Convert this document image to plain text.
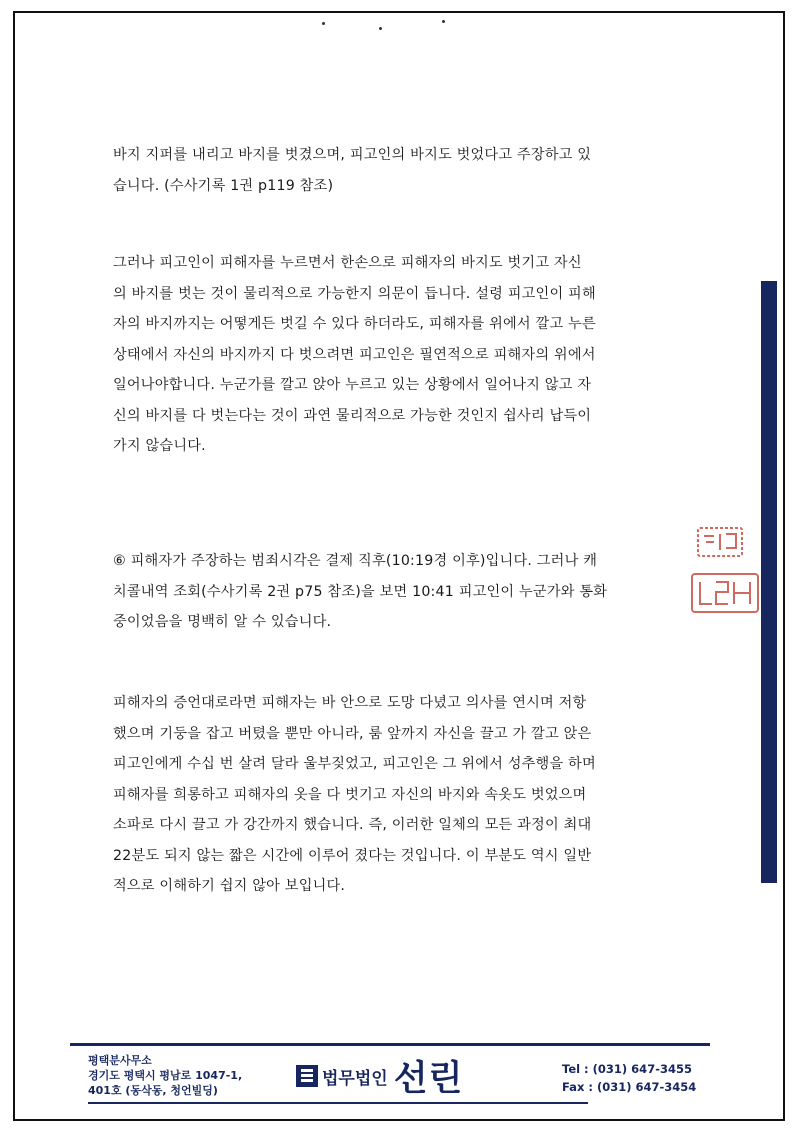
바지 지퍼를 내리고 바지를 벗겼으며, 피고인의 바지도 벗었다고 주장하고 있
습니다. (수사기록 1권 p119 참조)
그러나 피고인이 피해자를 누르면서 한손으로 피해자의 바지도 벗기고 자신
의 바지를 벗는 것이 물리적으로 가능한지 의문이 듭니다. 설령 피고인이 피해
자의 바지까지는 어떻게든 벗길 수 있다 하더라도, 피해자를 위에서 깔고 누른
상태에서 자신의 바지까지 다 벗으려면 피고인은 필연적으로 피해자의 위에서
일어나야합니다. 누군가를 깔고 앉아 누르고 있는 상황에서 일어나지 않고 자
신의 바지를 다 벗는다는 것이 과연 물리적으로 가능한 것인지 쉽사리 납득이
가지 않습니다.
⑥ 피해자가 주장하는 범죄시각은 결제 직후(10:19경 이후)입니다. 그러나 캐
치콜내역 조회(수사기록 2권 p75 참조)을 보면 10:41 피고인이 누군가와 통화
중이었음을 명백히 알 수 있습니다.
피해자의 증언대로라면 피해자는 바 안으로 도망 다녔고 의사를 연시며 저항
했으며 기둥을 잡고 버텼을 뿐만 아니라, 룸 앞까지 자신을 끌고 가 깔고 앉은
피고인에게 수십 번 살려 달라 울부짖었고, 피고인은 그 위에서 성추행을 하며
피해자를 희롱하고 피해자의 옷을 다 벗기고 자신의 바지와 속옷도 벗었으며
소파로 다시 끌고 가 강간까지 했습니다. 즉, 이러한 일체의 모든 과정이 최대
22분도 되지 않는 짧은 시간에 이루어 졌다는 것입니다. 이 부분도 역시 일반
적으로 이해하기 쉽지 않아 보입니다.
평택분사무소
경기도 평택시 평남로 1047-1,
401호 (동삭동, 청언빌딩)
법무법인 선린	Tel : (031) 647-3455
Fax : (031) 647-3454
